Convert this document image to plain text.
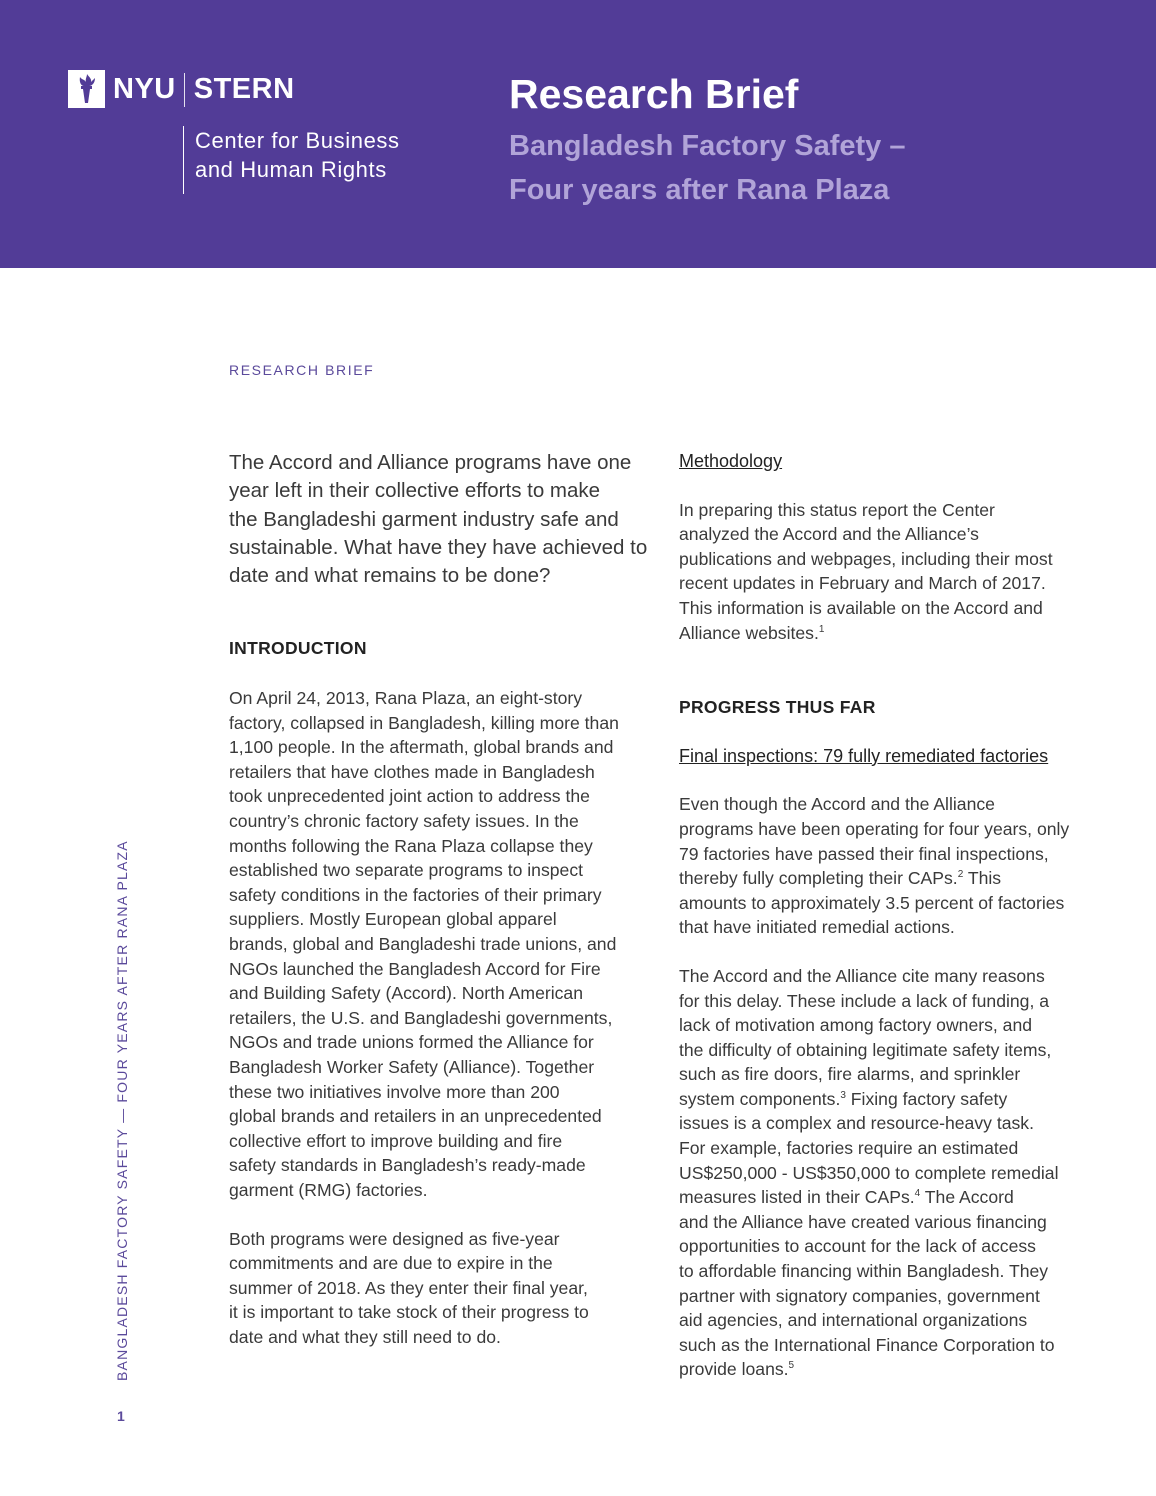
NYU STERN
Center for Business
and Human Rights
Research Brief
Bangladesh Factory Safety –
Four years after Rana Plaza
RESEARCH BRIEF

The Accord and Alliance programs have one
year left in their collective efforts to make
the Bangladeshi garment industry safe and
sustainable. What have they have achieved to
date and what remains to be done?

INTRODUCTION
On April 24, 2013, Rana Plaza, an eight-story
factory, collapsed in Bangladesh, killing more than
1,100 people. In the aftermath, global brands and
retailers that have clothes made in Bangladesh
took unprecedented joint action to address the
country’s chronic factory safety issues. In the
months following the Rana Plaza collapse they
established two separate programs to inspect
safety conditions in the factories of their primary
suppliers. Mostly European global apparel
brands, global and Bangladeshi trade unions, and
NGOs launched the Bangladesh Accord for Fire
and Building Safety (Accord). North American
retailers, the U.S. and Bangladeshi governments,
NGOs and trade unions formed the Alliance for
Bangladesh Worker Safety (Alliance). Together
these two initiatives involve more than 200
global brands and retailers in an unprecedented
collective effort to improve building and fire
safety standards in Bangladesh’s ready-made
garment (RMG) factories.
Both programs were designed as five-year
commitments and are due to expire in the
summer of 2018. As they enter their final year,
it is important to take stock of their progress to
date and what they still need to do.
Methodology
In preparing this status report the Center
analyzed the Accord and the Alliance’s
publications and webpages, including their most
recent updates in February and March of 2017.
This information is available on the Accord and
Alliance websites.$^1$
PROGRESS THUS FAR
Final inspections: 79 fully remediated factories
Even though the Accord and the Alliance
programs have been operating for four years, only
79 factories have passed their final inspections,
thereby fully completing their CAPs.$^2$ This
amounts to approximately 3.5 percent of factories
that have initiated remedial actions.
The Accord and the Alliance cite many reasons
for this delay. These include a lack of funding, a
lack of motivation among factory owners, and
the difficulty of obtaining legitimate safety items,
such as fire doors, fire alarms, and sprinkler
system components.$^3$ Fixing factory safety
issues is a complex and resource-heavy task.
For example, factories require an estimated
US$250,000 - US$350,000 to complete remedial
measures listed in their CAPs.$^4$ The Accord
and the Alliance have created various financing
opportunities to account for the lack of access
to affordable financing within Bangladesh. They
partner with signatory companies, government
aid agencies, and international organizations
such as the International Finance Corporation to
provide loans.$^5$
BANGLADESH FACTORY SAFETY — FOUR YEARS AFTER RANA PLAZA
1
